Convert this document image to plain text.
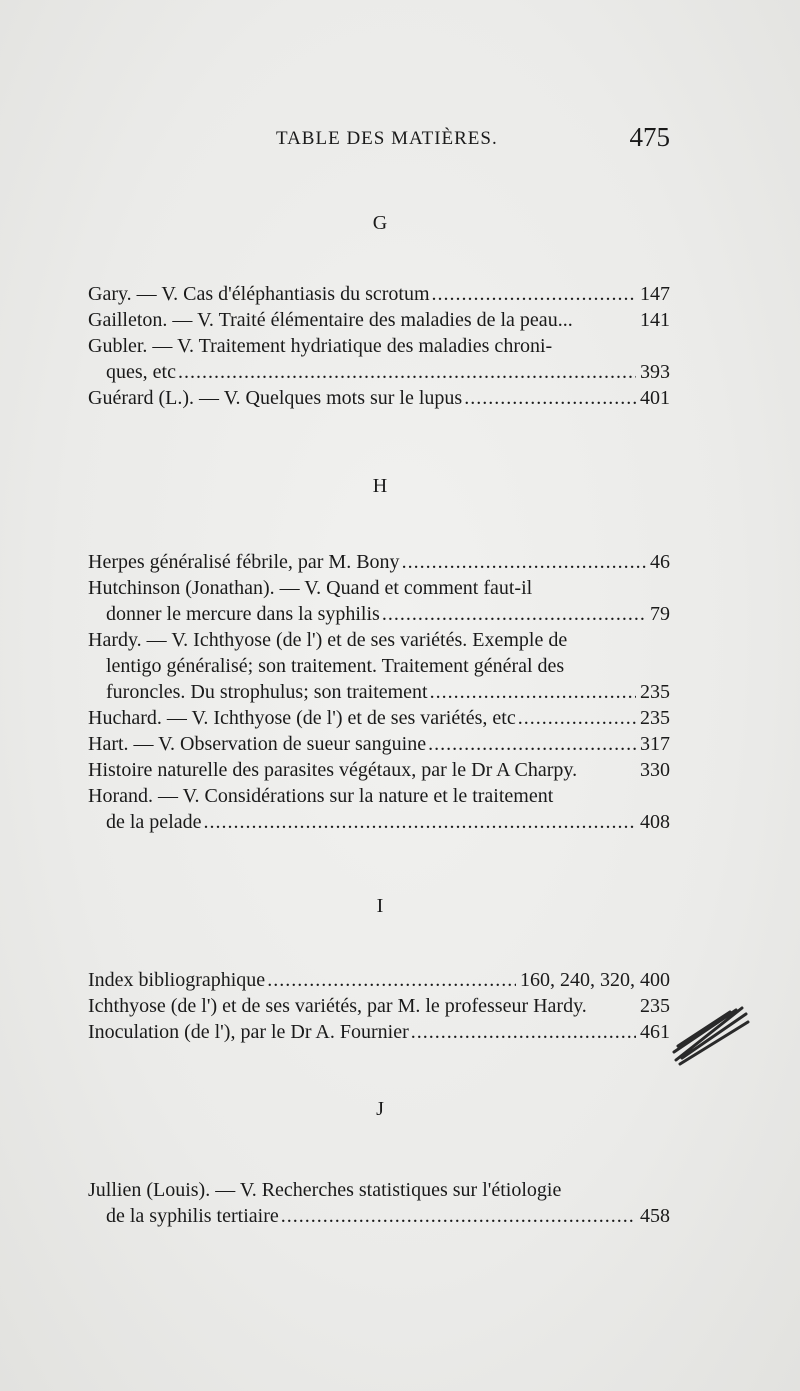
TABLE DES MATIÈRES.	475
G
Gary. — V. Cas d'éléphantiasis du scrotum .....	147
Gailleton. — V. Traité élémentaire des maladies de la peau...	141
Gubler. — V. Traitement hydriatique des maladies chroni-
ques, etc .....	393
Guérard (L.). — V. Quelques mots sur le lupus .....	401
H
Herpes généralisé fébrile, par M. Bony .....	46
Hutchinson (Jonathan). — V. Quand et comment faut-il
donner le mercure dans la syphilis .....	79
Hardy. — V. Ichthyose (de l') et de ses variétés. Exemple de
lentigo généralisé; son traitement. Traitement général des
furoncles. Du strophulus; son traitement .....	235
Huchard. — V. Ichthyose (de l') et de ses variétés, etc .....	235
Hart. — V. Observation de sueur sanguine .....	317
Histoire naturelle des parasites végétaux, par le Dr A Charpy.	330
Horand. — V. Considérations sur la nature et le traitement
de la pelade .....	408
I
Index bibliographique .....	160, 240, 320, 400
Ichthyose (de l') et de ses variétés, par M. le professeur Hardy.	235
Inoculation (de l'), par le Dr A. Fournier .....	461
J
Jullien (Louis). — V. Recherches statistiques sur l'étiologie
de la syphilis tertiaire .....	458
